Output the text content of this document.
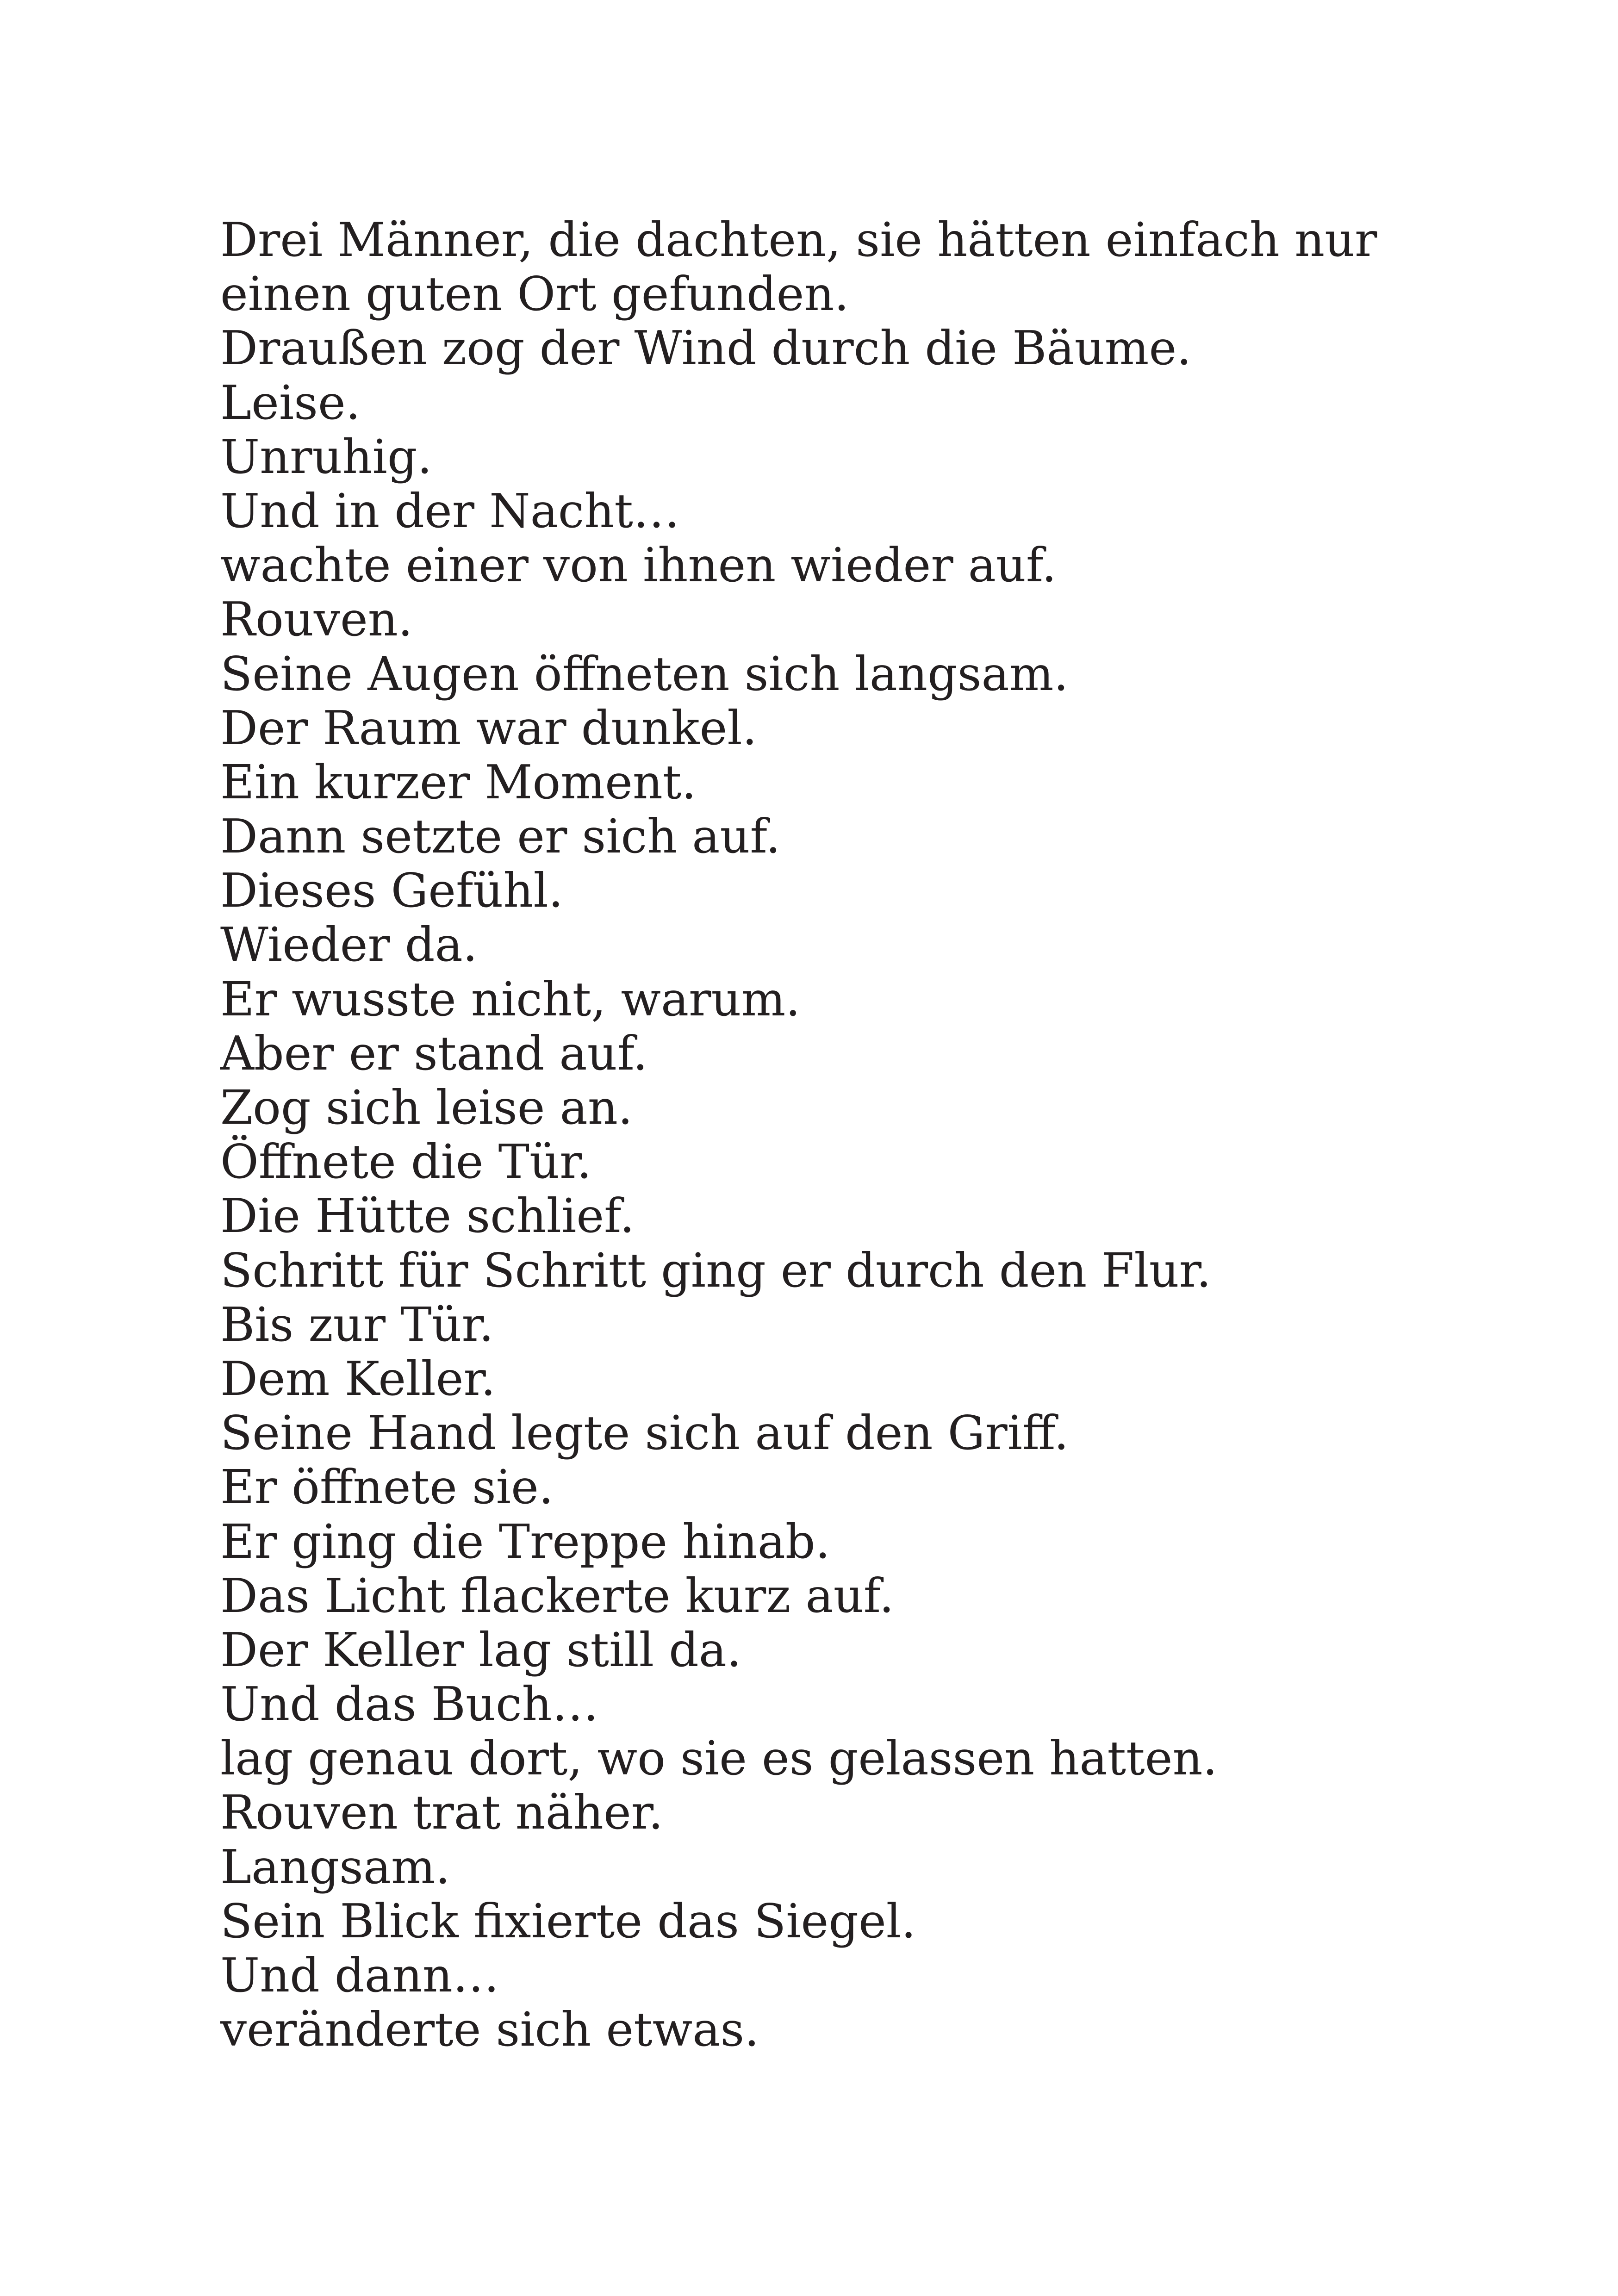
Drei Männer, die dachten, sie hätten einfach nur
einen guten Ort gefunden.
Draußen zog der Wind durch die Bäume.
Leise.
Unruhig.
Und in der Nacht…
wachte einer von ihnen wieder auf.
Rouven.
Seine Augen öffneten sich langsam.
Der Raum war dunkel.
Ein kurzer Moment.
Dann setzte er sich auf.
Dieses Gefühl.
Wieder da.
Er wusste nicht, warum.
Aber er stand auf.
Zog sich leise an.
Öffnete die Tür.
Die Hütte schlief.
Schritt für Schritt ging er durch den Flur.
Bis zur Tür.
Dem Keller.
Seine Hand legte sich auf den Griff.
Er öffnete sie.
Er ging die Treppe hinab.
Das Licht flackerte kurz auf.
Der Keller lag still da.
Und das Buch…
lag genau dort, wo sie es gelassen hatten.
Rouven trat näher.
Langsam.
Sein Blick fixierte das Siegel.
Und dann…
veränderte sich etwas.
